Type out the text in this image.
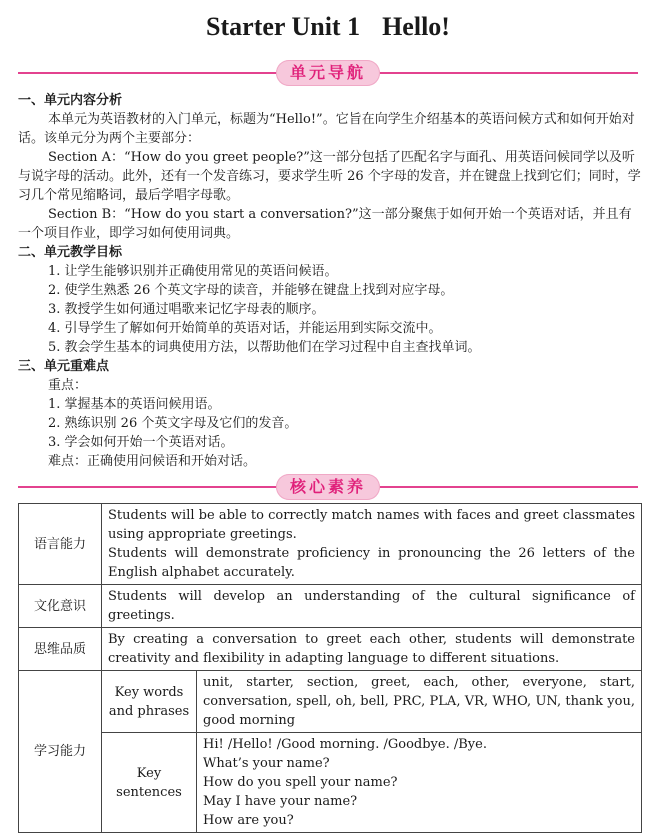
Starter Unit 1 Hello!
单元导航

一、单元内容分析

本单元为英语教材的入门单元，标题为“Hello!”。它旨在向学生介绍基本的英语问候方式和如何开始对话。该单元分为两个主要部分：

Section A：“How do you greet people?”这一部分包括了匹配名字与面孔、用英语问候同学以及听与说字母的活动。此外，还有一个发音练习，要求学生听 26 个字母的发音，并在键盘上找到它们；同时，学习几个常见缩略词，最后学唱字母歌。

Section B：“How do you start a conversation?”这一部分聚焦于如何开始一个英语对话，并且有一个项目作业，即学习如何使用词典。

二、单元教学目标

1. 让学生能够识别并正确使用常见的英语问候语。

2. 使学生熟悉 26 个英文字母的读音，并能够在键盘上找到对应字母。

3. 教授学生如何通过唱歌来记忆字母表的顺序。

4. 引导学生了解如何开始简单的英语对话，并能运用到实际交流中。

5. 教会学生基本的词典使用方法，以帮助他们在学习过程中自主查找单词。

三、单元重难点

重点：

1. 掌握基本的英语问候用语。

2. 熟练识别 26 个英文字母及它们的发音。

3. 学会如何开始一个英语对话。

难点：正确使用问候语和开始对话。

核心素养
语言能力	Students will be able to correctly match names with faces and greet classmates using appropriate greetings.
Students will demonstrate proficiency in pronouncing the 26 letters of the English alphabet accurately.	

文化意识	Students will develop an understanding of the cultural significance of greetings.	
思维品质	By creating a conversation to greet each other, students will demonstrate creativity and flexibility in adapting language to different situations.	
学习能力	Key words and phrases	unit, starter, section, greet, each, other, everyone, start, conversation, spell, oh, bell, PRC, PLA, VR, WHO, UN, thank you, good morning
	Key sentences	Hi! /Hello! /Good morning. /Goodbye. /Bye.
What’s your name?
How do you spell your name?
May I have your name?
How are you?
